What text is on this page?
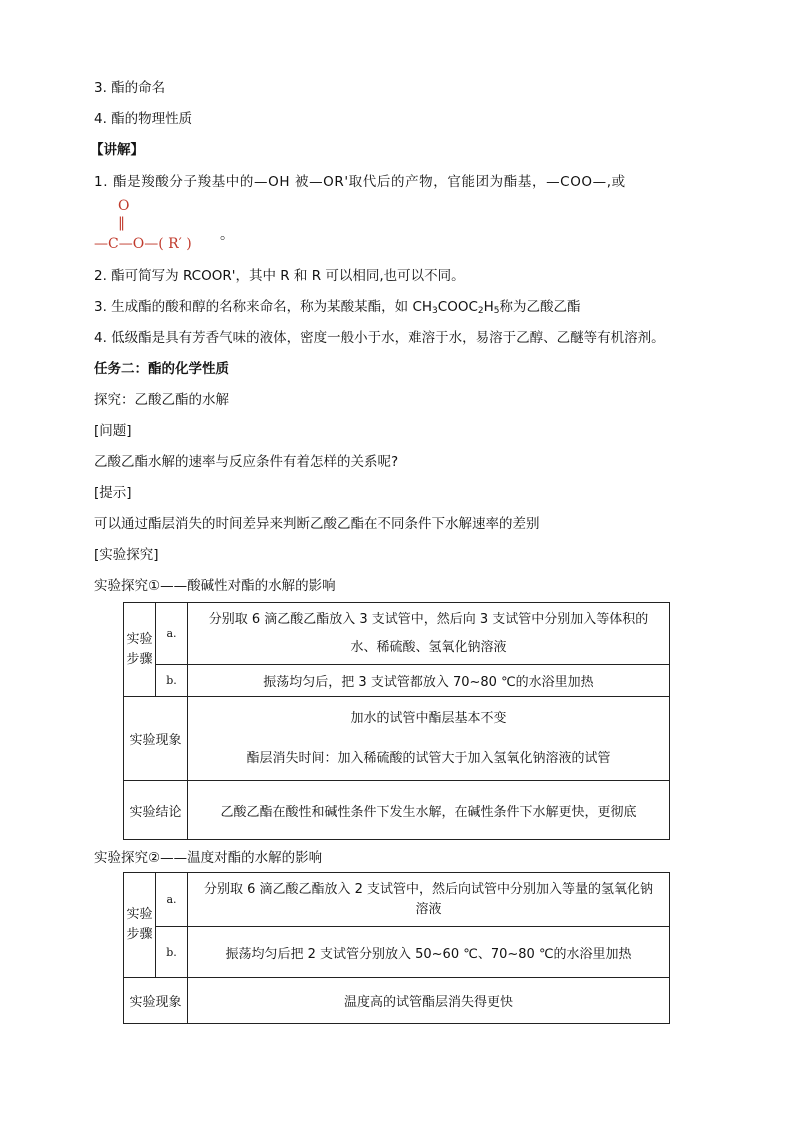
3. 酯的命名
4. 酯的物理性质
【讲解】
1. 酯是羧酸分子羧基中的—OH 被—OR'取代后的产物，官能团为酯基，—COO—,或
O
‖
—C—O—( R′ )
。
2. 酯可简写为 RCOOR'，其中 R 和 R 可以相同,也可以不同。
3. 生成酯的酸和醇的名称来命名，称为某酸某酯，如 $CH_3COOC_2H_5$称为乙酸乙酯
4. 低级酯是具有芳香气味的液体，密度一般小于水，难溶于水，易溶于乙醇、乙醚等有机溶剂。
任务二：酯的化学性质
探究：乙酸乙酯的水解
[问题]
乙酸乙酯水解的速率与反应条件有着怎样的关系呢?
[提示]
可以通过酯层消失的时间差异来判断乙酸乙酯在不同条件下水解速率的差别
[实验探究]
实验探究①——酸碱性对酯的水解的影响
实验步骤	a.	分别取 6 滴乙酸乙酯放入 3 支试管中，然后向 3 支试管中分别加入等体积的
水、稀硫酸、氢氧化钠溶液

	b.	振荡均匀后，把 3 支试管都放入 70~80 ℃的水浴里加热
实验现象		加水的试管中酯层基本不变
酯层消失时间：加入稀硫酸的试管大于加入氢氧化钠溶液的试管

实验结论		乙酸乙酯在酸性和碱性条件下发生水解，在碱性条件下水解更快，更彻底
实验探究②——温度对酯的水解的影响
实验步骤	a.	分别取 6 滴乙酸乙酯放入 2 支试管中，然后向试管中分别加入等量的氢氧化钠
溶液

	b.	振荡均匀后把 2 支试管分别放入 50~60 ℃、70~80 ℃的水浴里加热
实验现象		温度高的试管酯层消失得更快
